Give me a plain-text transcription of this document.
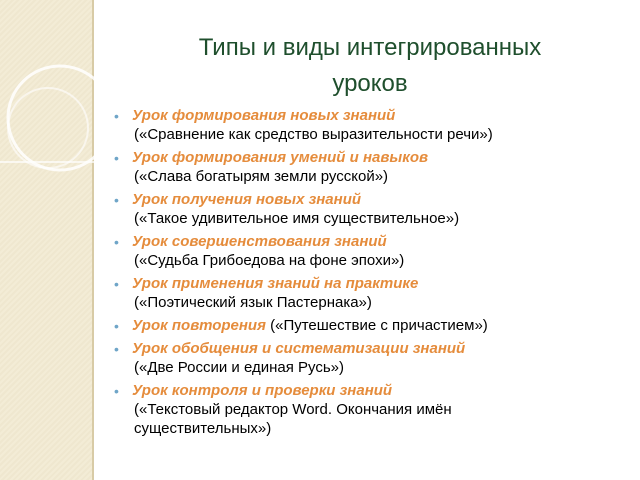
Типы и виды интегрированных
уроков
• Урок формирования новых знаний
(«Сравнение как средство выразительности речи»)
• Урок формирования умений и навыков
(«Слава богатырям земли русской»)
• Урок получения новых знаний
(«Такое удивительное имя существительное»)
• Урок совершенствования знаний
(«Судьба Грибоедова на фоне эпохи»)
• Урок применения знаний на практике
(«Поэтический язык Пастернака»)
• Урок повторения («Путешествие с причастием»)
• Урок обобщения и систематизации знаний
(«Две России и единая Русь»)
• Урок контроля и проверки знаний
(«Текстовый редактор Word. Окончания имён существительных»)
